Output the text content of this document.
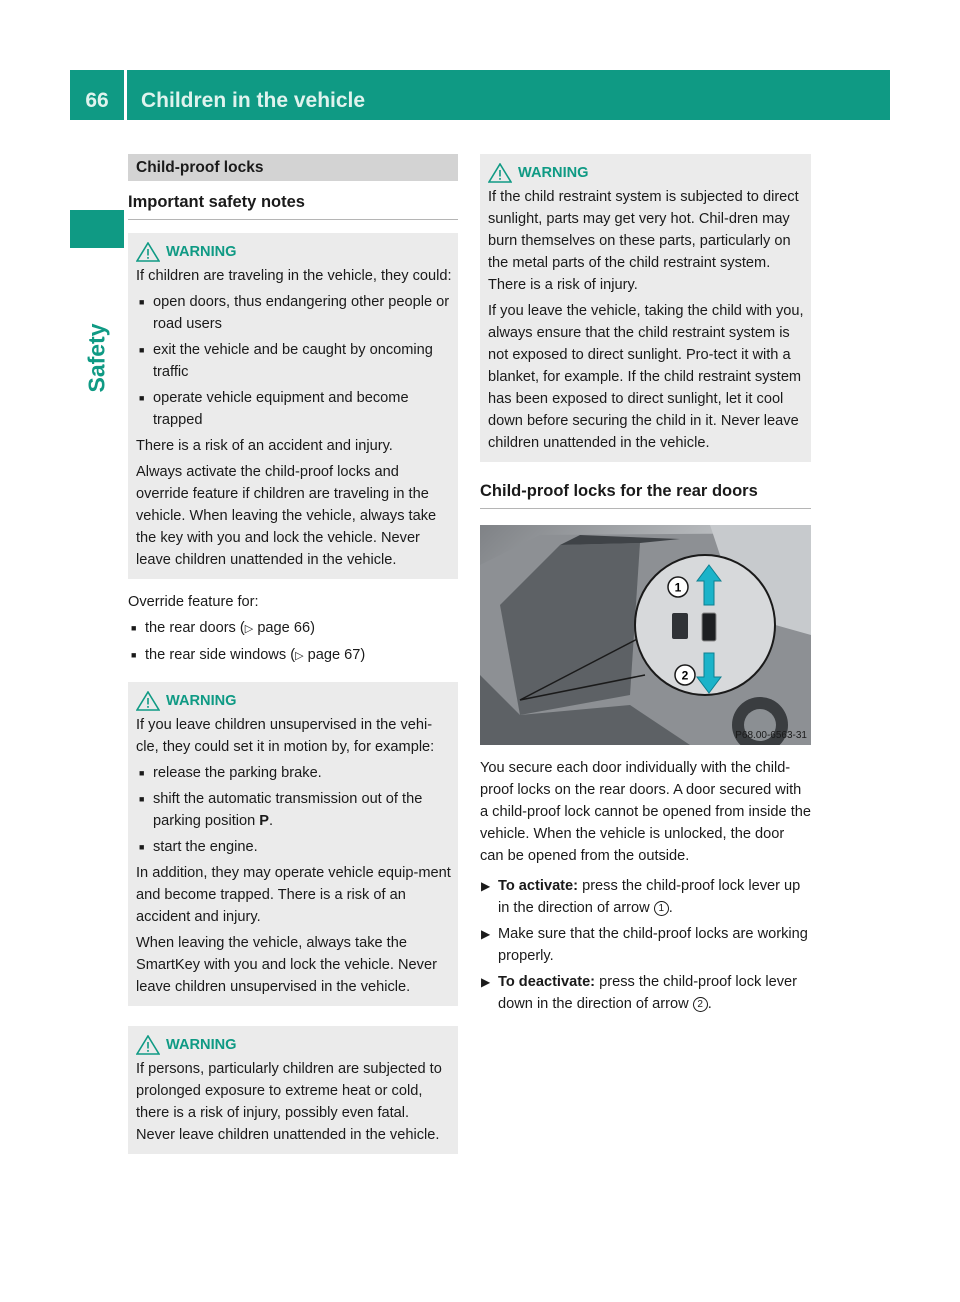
66	Children in the vehicle
Safety
Child-proof locks
Important safety notes
WARNING

If children are traveling in the vehicle, they could:

■ open doors, thus endangering other people or road users
■ exit the vehicle and be caught by oncoming traffic
■ operate vehicle equipment and become trapped

There is a risk of an accident and injury.

Always activate the child-proof locks and override feature if children are traveling in the vehicle. When leaving the vehicle, always take the key with you and lock the vehicle. Never leave children unattended in the vehicle.

Override feature for:

■ the rear doors (▷ page 66)
■ the rear side windows (▷ page 67)
WARNING

If you leave children unsupervised in the vehi-cle, they could set it in motion by, for example:

■ release the parking brake.
■ shift the automatic transmission out of the parking position P.
■ start the engine.

In addition, they may operate vehicle equip-ment and become trapped. There is a risk of an accident and injury.

When leaving the vehicle, always take the SmartKey with you and lock the vehicle. Never leave children unsupervised in the vehicle.

WARNING

If persons, particularly children are subjected to prolonged exposure to extreme heat or cold, there is a risk of injury, possibly even fatal. Never leave children unattended in the vehicle.

WARNING

If the child restraint system is subjected to direct sunlight, parts may get very hot. Chil-dren may burn themselves on these parts, particularly on the metal parts of the child restraint system. There is a risk of injury.

If you leave the vehicle, taking the child with you, always ensure that the child restraint system is not exposed to direct sunlight. Pro-tect it with a blanket, for example. If the child restraint system has been exposed to direct sunlight, let it cool down before securing the child in it. Never leave children unattended in the vehicle.

Child-proof locks for the rear doors
1
2
P68.00-6563-31

You secure each door individually with the child-proof locks on the rear doors. A door secured with a child-proof lock cannot be opened from inside the vehicle. When the vehicle is unlocked, the door can be opened from the outside.

▶ To activate: press the child-proof lock lever up in the direction of arrow 1 .
▶ Make sure that the child-proof locks are working properly.
▶ To deactivate: press the child-proof lock lever down in the direction of arrow 2 .
